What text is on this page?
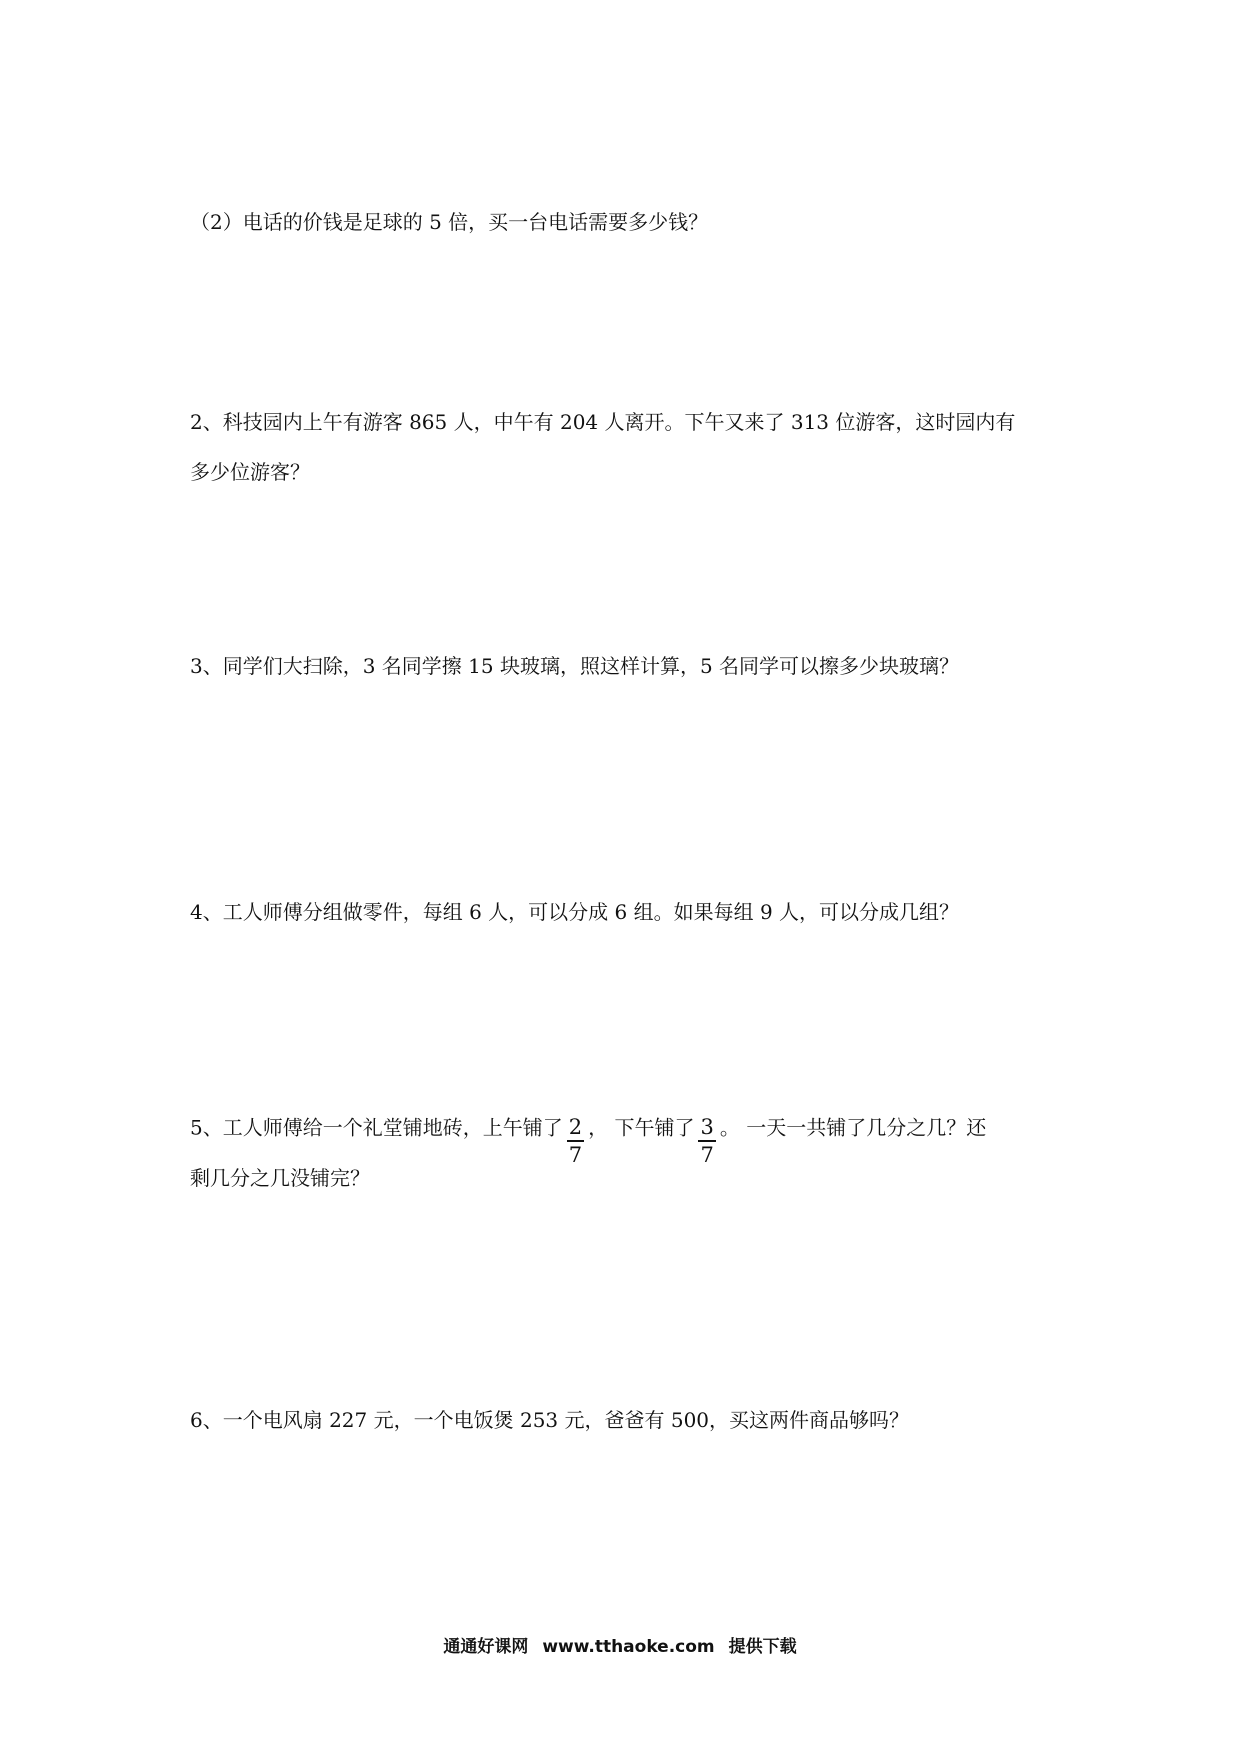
（2）电话的价钱是足球的 5 倍，买一台电话需要多少钱？

2、科技园内上午有游客 865 人，中午有 204 人离开。下午又来了 313 位游客，这时园内有

多少位游客？

3、同学们大扫除，3 名同学擦 15 块玻璃，照这样计算，5 名同学可以擦多少块玻璃？

4、工人师傅分组做零件，每组 6 人，可以分成 6 组。如果每组 9 人，可以分成几组？

5、工人师傅给一个礼堂铺地砖，上午铺了 $\frac{2}{7}$ ， 下午铺了 $\frac{3}{7}$ 。 一天一共铺了几分之几？还

剩几分之几没铺完？

6、一个电风扇 227 元，一个电饭煲 253 元，爸爸有 500，买这两件商品够吗？

通通好课网 www.tthaoke.com 提供下载
